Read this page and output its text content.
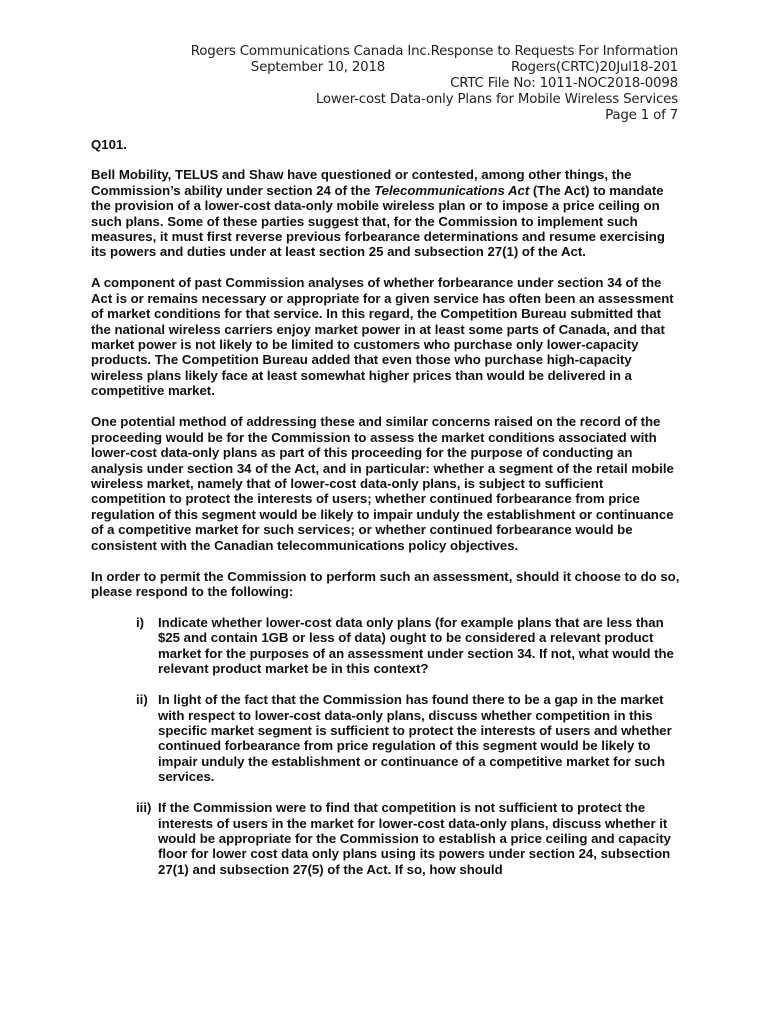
Rogers Communications Canada Inc.Response to Requests For Information
September 10, 2018	Rogers(CRTC)20Jul18-201
CRTC File No: 1011-NOC2018-0098
Lower-cost Data-only Plans for Mobile Wireless Services
Page 1 of 7
Q101.

Bell Mobility, TELUS and Shaw have questioned or contested, among other things, the Commission’s ability under section 24 of the Telecommunications Act (The Act) to mandate the provision of a lower-cost data-only mobile wireless plan or to impose a price ceiling on such plans. Some of these parties suggest that, for the Commission to implement such measures, it must first reverse previous forbearance determinations and resume exercising its powers and duties under at least section 25 and subsection 27(1) of the Act.

A component of past Commission analyses of whether forbearance under section 34 of the Act is or remains necessary or appropriate for a given service has often been an assessment of market conditions for that service. In this regard, the Competition Bureau submitted that the national wireless carriers enjoy market power in at least some parts of Canada, and that market power is not likely to be limited to customers who purchase only lower-capacity products. The Competition Bureau added that even those who purchase high-capacity wireless plans likely face at least somewhat higher prices than would be delivered in a competitive market.

One potential method of addressing these and similar concerns raised on the record of the proceeding would be for the Commission to assess the market conditions associated with lower-cost data-only plans as part of this proceeding for the purpose of conducting an analysis under section 34 of the Act, and in particular: whether a segment of the retail mobile wireless market, namely that of lower-cost data-only plans, is subject to sufficient competition to protect the interests of users; whether continued forbearance from price regulation of this segment would be likely to impair unduly the establishment or continuance of a competitive market for such services; or whether continued forbearance would be consistent with the Canadian telecommunications policy objectives.

In order to permit the Commission to perform such an assessment, should it choose to do so, please respond to the following:

i)	Indicate whether lower-cost data only plans (for example plans that are less than $25 and contain 1GB or less of data) ought to be considered a relevant product market for the purposes of an assessment under section 34. If not, what would the relevant product market be in this context?
ii) In light of the fact that the Commission has found there to be a gap in the market with respect to lower-cost data-only plans, discuss whether competition in this specific market segment is sufficient to protect the interests of users and whether continued forbearance from price regulation of this segment would be likely to impair unduly the establishment or continuance of a competitive market for such services.
iii) If the Commission were to find that competition is not sufficient to protect the interests of users in the market for lower-cost data-only plans, discuss whether it would be appropriate for the Commission to establish a price ceiling and capacity floor for lower cost data only plans using its powers under section 24, subsection 27(1) and subsection 27(5) of the Act. If so, how should
